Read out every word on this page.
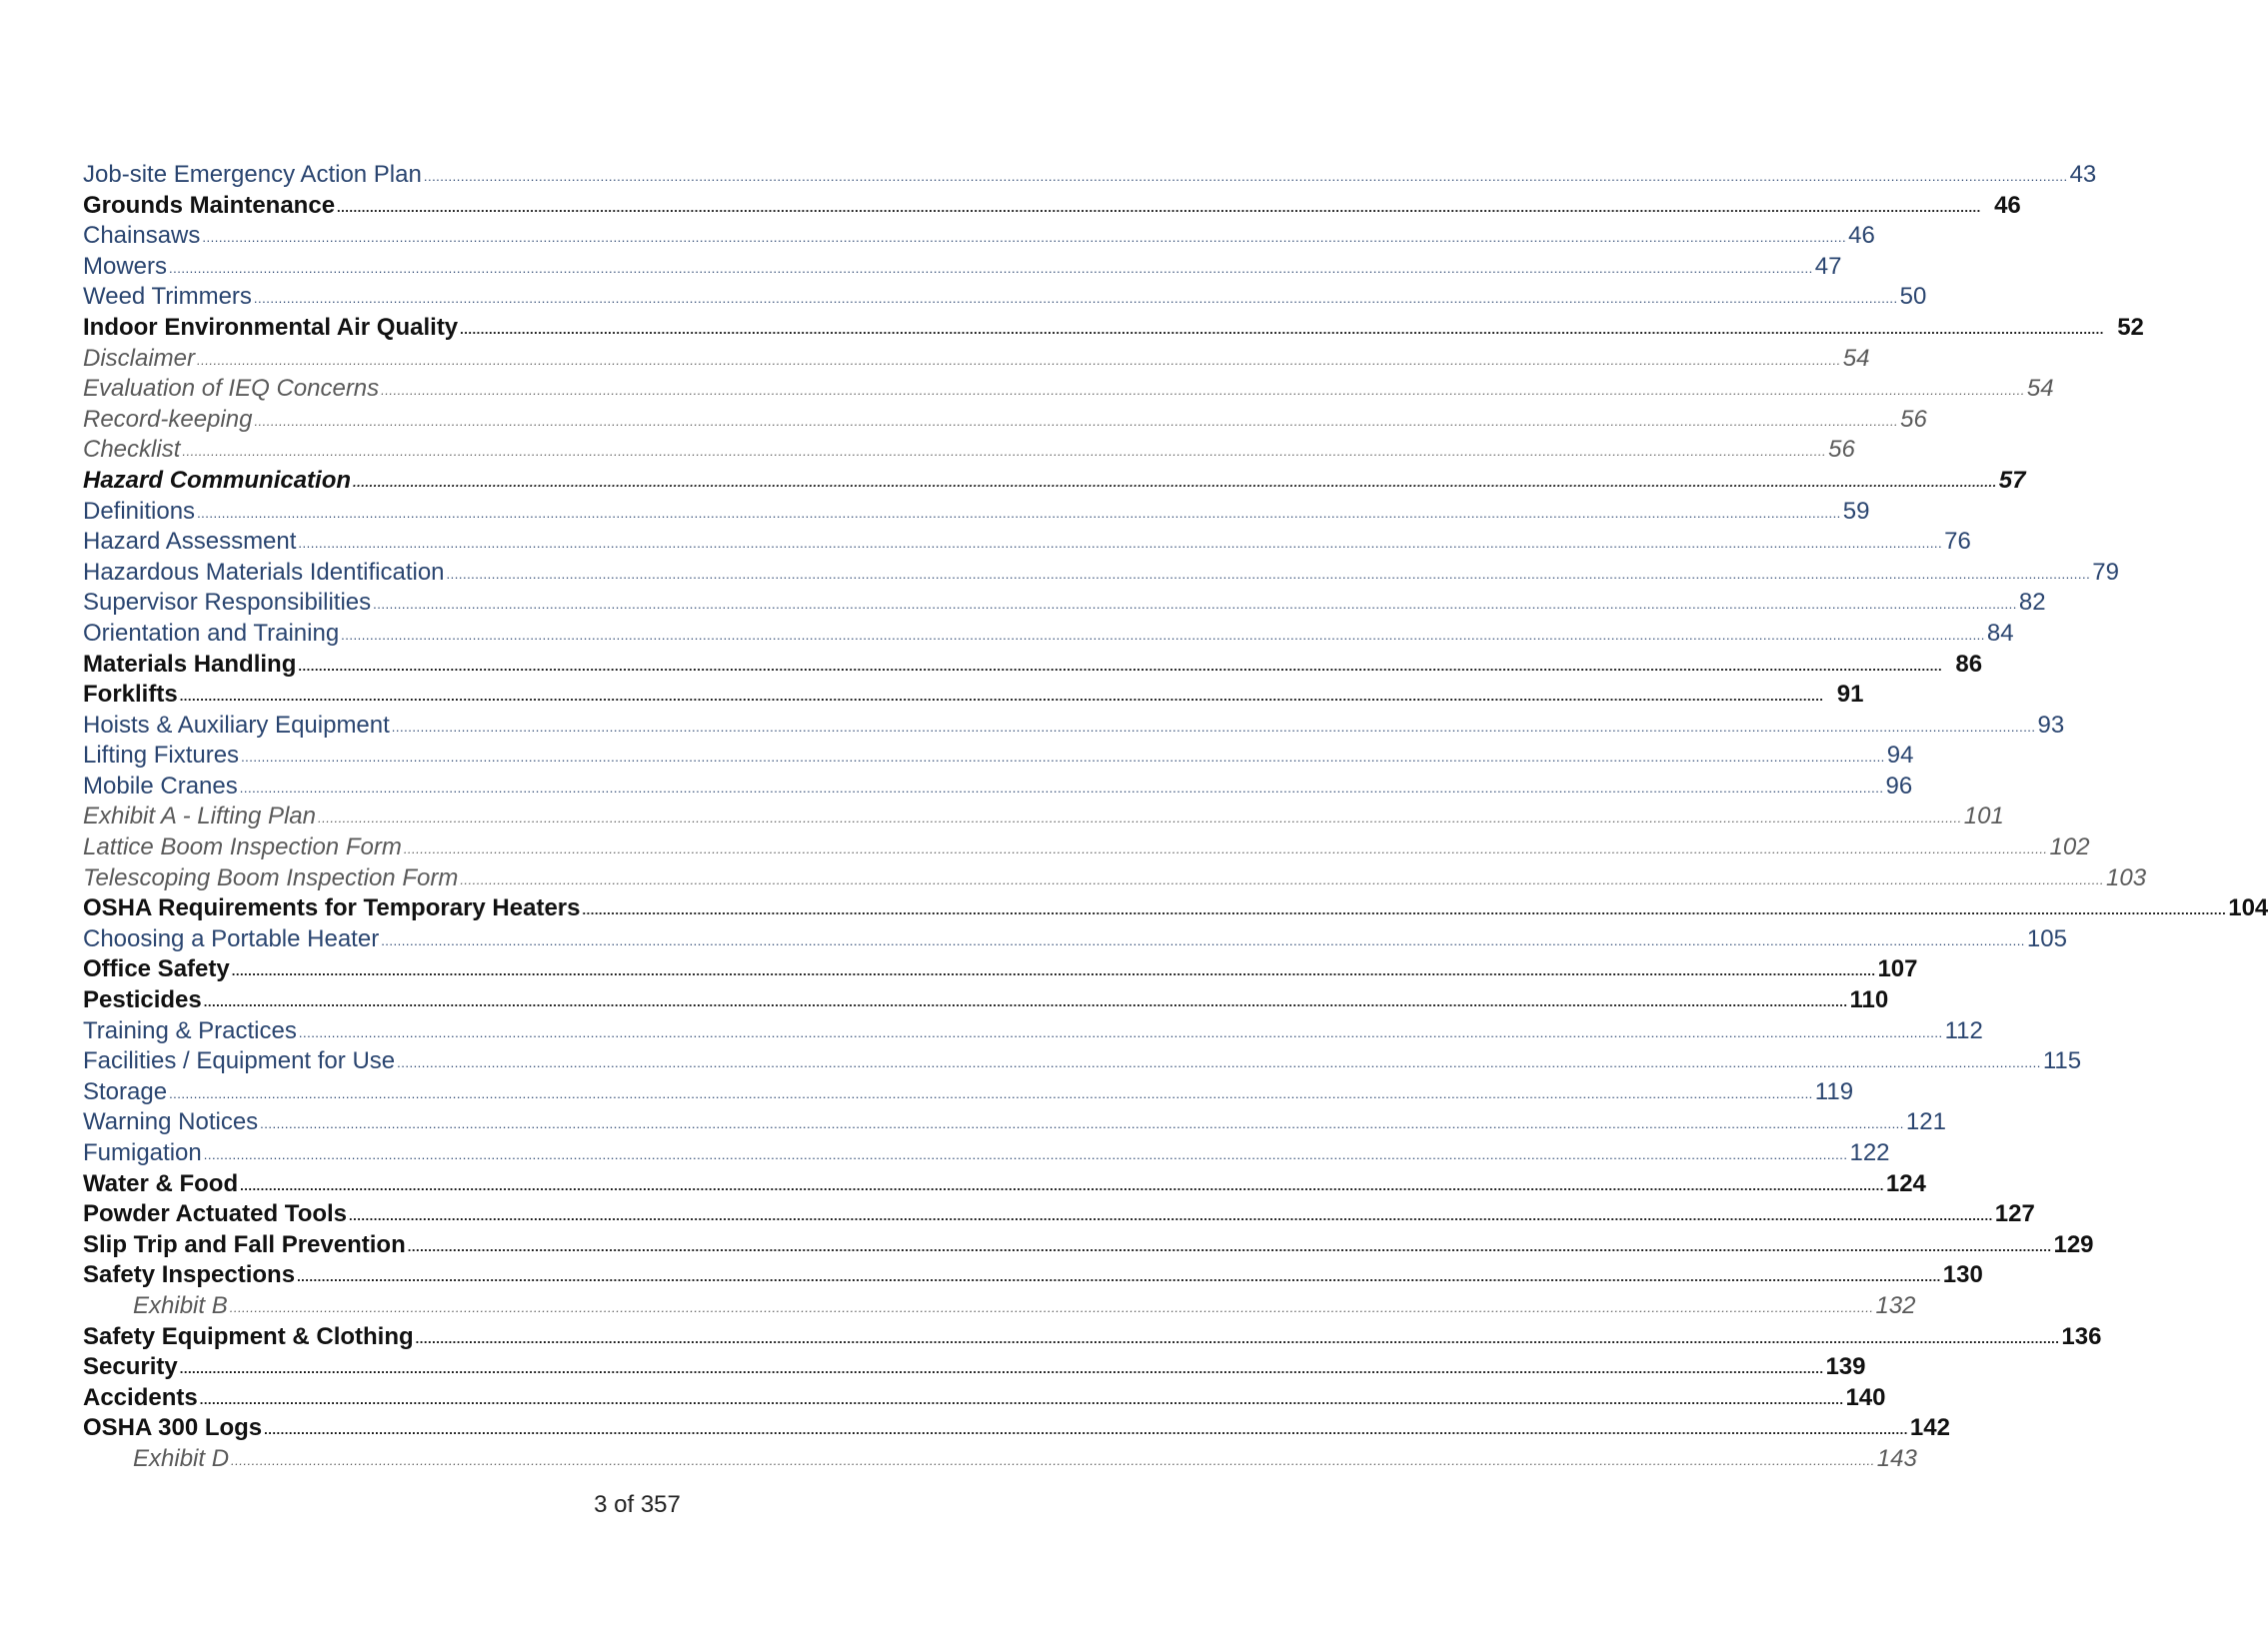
Job-site Emergency Action Plan ................................................................................................................................................................................................................................................................................................................................................................................................................ 43
Grounds Maintenance ................................................................................................................................................................................................................................................................................................................................................................................................................ 46
Chainsaws ................................................................................................................................................................................................................................................................................................................................................................................................................ 46
Mowers ................................................................................................................................................................................................................................................................................................................................................................................................................ 47
Weed Trimmers ................................................................................................................................................................................................................................................................................................................................................................................................................ 50
Indoor Environmental Air Quality ................................................................................................................................................................................................................................................................................................................................................................................................................ 52
Disclaimer ................................................................................................................................................................................................................................................................................................................................................................................................................ 54
Evaluation of IEQ Concerns ................................................................................................................................................................................................................................................................................................................................................................................................................ 54
Record-keeping ................................................................................................................................................................................................................................................................................................................................................................................................................ 56
Checklist ................................................................................................................................................................................................................................................................................................................................................................................................................ 56
Hazard Communication ................................................................................................................................................................................................................................................................................................................................................................................................................ 57
Definitions ................................................................................................................................................................................................................................................................................................................................................................................................................ 59
Hazard Assessment ................................................................................................................................................................................................................................................................................................................................................................................................................ 76
Hazardous Materials Identification ................................................................................................................................................................................................................................................................................................................................................................................................................ 79
Supervisor Responsibilities ................................................................................................................................................................................................................................................................................................................................................................................................................ 82
Orientation and Training ................................................................................................................................................................................................................................................................................................................................................................................................................ 84
Materials Handling ................................................................................................................................................................................................................................................................................................................................................................................................................ 86
Forklifts ................................................................................................................................................................................................................................................................................................................................................................................................................ 91
Hoists & Auxiliary Equipment ................................................................................................................................................................................................................................................................................................................................................................................................................ 93
Lifting Fixtures ................................................................................................................................................................................................................................................................................................................................................................................................................ 94
Mobile Cranes ................................................................................................................................................................................................................................................................................................................................................................................................................ 96
Exhibit A - Lifting Plan ................................................................................................................................................................................................................................................................................................................................................................................................................ 101
Lattice Boom Inspection Form ................................................................................................................................................................................................................................................................................................................................................................................................................ 102
Telescoping Boom Inspection Form ................................................................................................................................................................................................................................................................................................................................................................................................................ 103
OSHA Requirements for Temporary Heaters ................................................................................................................................................................................................................................................................................................................................................................................................................ 104
Choosing a Portable Heater ................................................................................................................................................................................................................................................................................................................................................................................................................ 105
Office Safety ................................................................................................................................................................................................................................................................................................................................................................................................................ 107
Pesticides ................................................................................................................................................................................................................................................................................................................................................................................................................ 110
Training & Practices ................................................................................................................................................................................................................................................................................................................................................................................................................ 112
Facilities / Equipment for Use ................................................................................................................................................................................................................................................................................................................................................................................................................ 115
Storage ................................................................................................................................................................................................................................................................................................................................................................................................................ 119
Warning Notices ................................................................................................................................................................................................................................................................................................................................................................................................................ 121
Fumigation ................................................................................................................................................................................................................................................................................................................................................................................................................ 122
Water & Food ................................................................................................................................................................................................................................................................................................................................................................................................................ 124
Powder Actuated Tools ................................................................................................................................................................................................................................................................................................................................................................................................................ 127
Slip Trip and Fall Prevention ................................................................................................................................................................................................................................................................................................................................................................................................................ 129
Safety Inspections ................................................................................................................................................................................................................................................................................................................................................................................................................ 130
Exhibit B ................................................................................................................................................................................................................................................................................................................................................................................................................ 132
Safety Equipment & Clothing ................................................................................................................................................................................................................................................................................................................................................................................................................ 136
Security ................................................................................................................................................................................................................................................................................................................................................................................................................ 139
Accidents ................................................................................................................................................................................................................................................................................................................................................................................................................ 140
OSHA 300 Logs ................................................................................................................................................................................................................................................................................................................................................................................................................ 142
Exhibit D ................................................................................................................................................................................................................................................................................................................................................................................................................ 143
3 of 357
